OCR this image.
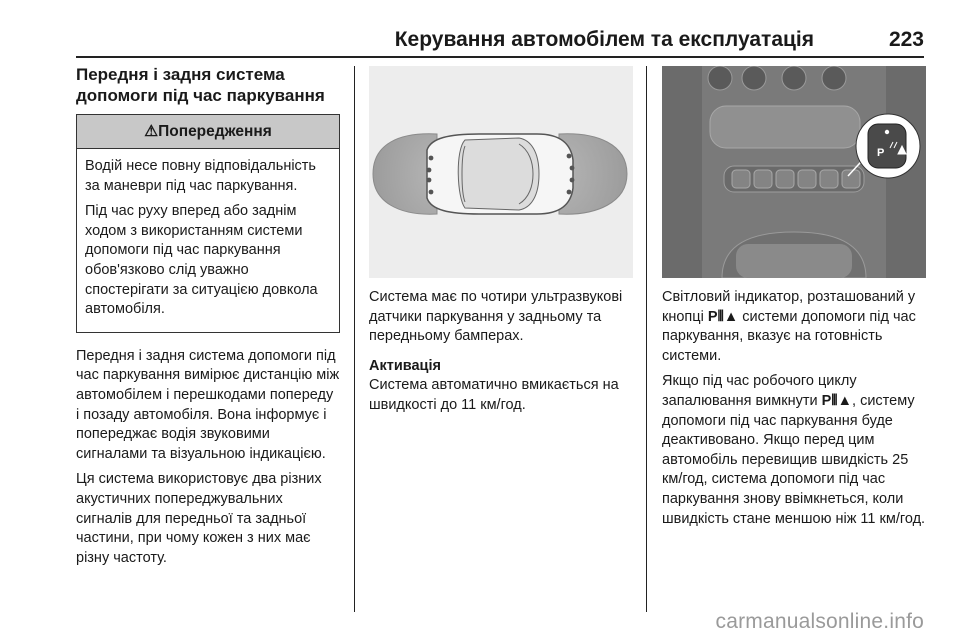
Керування автомобілем та експлуатація	223
Передня і задня система
допомоги під час паркування
⚠Попередження

Водій несе повну відповідальність за маневри під час паркування.

Під час руху вперед або заднім ходом з використанням системи допомоги під час паркування обов'язково слід уважно спостерігати за ситуацією довкола автомобіля.

Передня і задня система допомоги під час паркування вимірює дистанцію між автомобілем і перешкодами попереду і позаду автомобіля. Вона інформує і попереджає водія звуковими сигналами та візуальною індикацією.

Ця система використовує два різних акустичних попереджувальних сигналів для передньої та задньої частини, при чому кожен з них має різну частоту.

Система має по чотири ультразвукові датчики паркування у задньому та передньому бамперах.

Активація

Система автоматично вмикається на швидкості до 11 км/год.

P

Світловий індикатор, розташований у кнопці P⦀▲ системи допомоги під час паркування, вказує на готовність системи.

Якщо під час робочого циклу запалювання вимкнути P⦀▲, систему допомоги під час паркування буде деактивовано. Якщо перед цим автомобіль перевищив швидкість 25 км/год, система допомоги під час паркування знову ввімкнеться, коли швидкість стане меншою ніж 11 км/год.

carmanualsonline.info
